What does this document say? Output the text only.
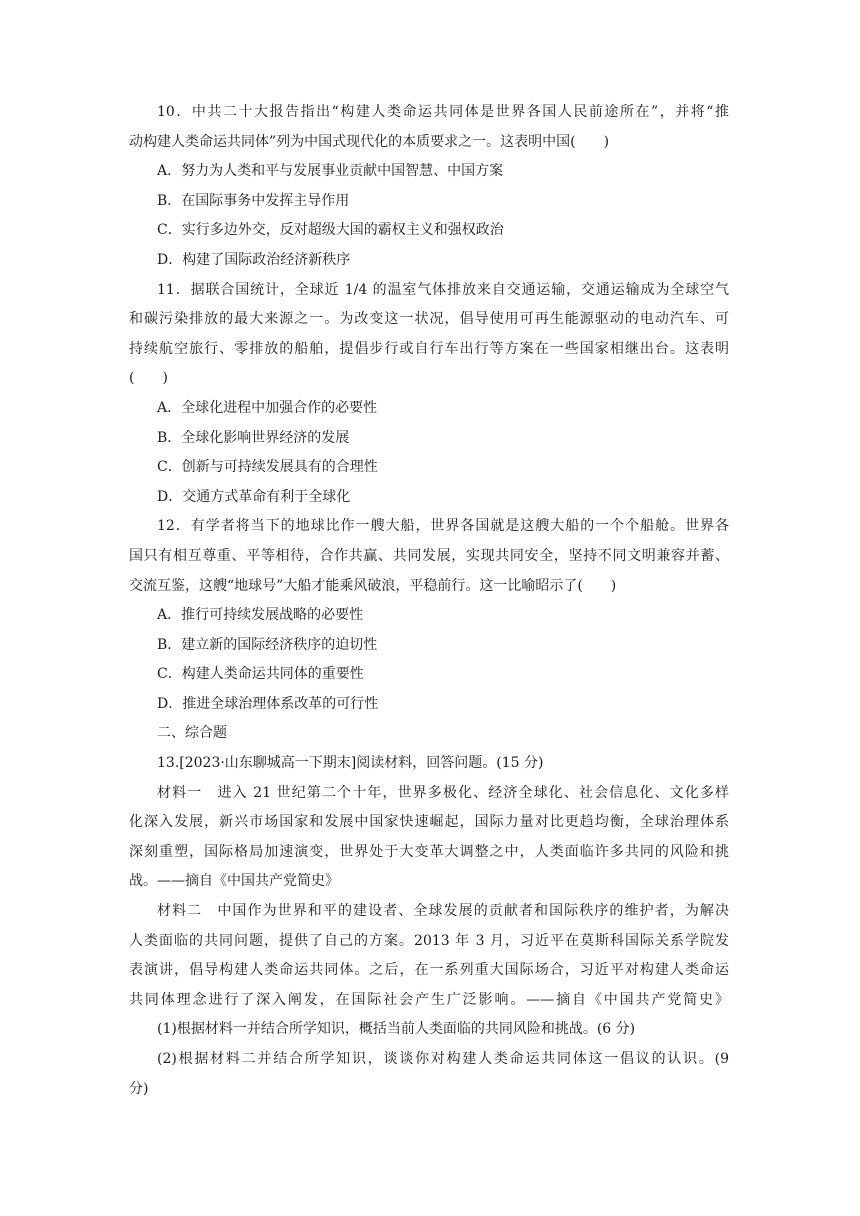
10．中共二十大报告指出“构建人类命运共同体是世界各国人民前途所在”，并将“推
动构建人类命运共同体”列为中国式现代化的本质要求之一。这表明中国(　　)
A．努力为人类和平与发展事业贡献中国智慧、中国方案
B．在国际事务中发挥主导作用
C．实行多边外交，反对超级大国的霸权主义和强权政治
D．构建了国际政治经济新秩序
11．据联合国统计，全球近 1/4 的温室气体排放来自交通运输，交通运输成为全球空气
和碳污染排放的最大来源之一。为改变这一状况，倡导使用可再生能源驱动的电动汽车、可
持续航空旅行、零排放的船舶，提倡步行或自行车出行等方案在一些国家相继出台。这表明
(　　)
A．全球化进程中加强合作的必要性
B．全球化影响世界经济的发展
C．创新与可持续发展具有的合理性
D．交通方式革命有利于全球化
12．有学者将当下的地球比作一艘大船，世界各国就是这艘大船的一个个船舱。世界各
国只有相互尊重、平等相待，合作共赢、共同发展，实现共同安全，坚持不同文明兼容并蓄、
交流互鉴，这艘“地球号”大船才能乘风破浪，平稳前行。这一比喻昭示了(　　)
A．推行可持续发展战略的必要性
B．建立新的国际经济秩序的迫切性
C．构建人类命运共同体的重要性
D．推进全球治理体系改革的可行性
二、综合题
13.[2023·山东聊城高一下期末]阅读材料，回答问题。(15 分)
材料一　进入 21 世纪第二个十年，世界多极化、经济全球化、社会信息化、文化多样
化深入发展，新兴市场国家和发展中国家快速崛起，国际力量对比更趋均衡，全球治理体系
深刻重塑，国际格局加速演变，世界处于大变革大调整之中，人类面临许多共同的风险和挑
战。——摘自《中国共产党简史》
材料二　中国作为世界和平的建设者、全球发展的贡献者和国际秩序的维护者，为解决
人类面临的共同问题，提供了自己的方案。2013 年 3 月，习近平在莫斯科国际关系学院发
表演讲，倡导构建人类命运共同体。之后，在一系列重大国际场合，习近平对构建人类命运
共同体理念进行了深入阐发，在国际社会产生广泛影响。——摘自《中国共产党简史》
(1)根据材料一并结合所学知识，概括当前人类面临的共同风险和挑战。(6 分)
(2)根据材料二并结合所学知识，谈谈你对构建人类命运共同体这一倡议的认识。(9
分)
